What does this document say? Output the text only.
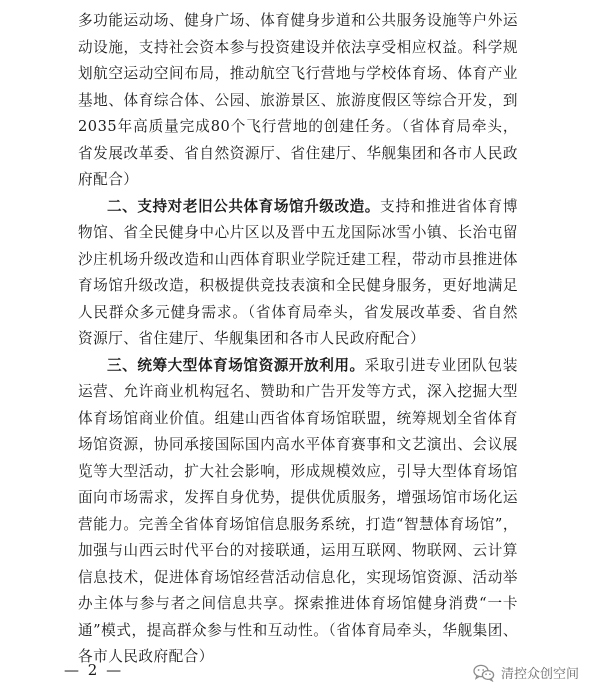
多功能运动场、健身广场、体育健身步道和公共服务设施等户外运动设施，支持社会资本参与投资建设并依法享受相应权益。科学规划航空运动空间布局，推动航空飞行营地与学校体育场、体育产业基地、体育综合体、公园、旅游景区、旅游度假区等综合开发，到2035年高质量完成80个飞行营地的创建任务。（省体育局牵头，省发展改革委、省自然资源厅、省住建厅、华舰集团和各市人民政府配合）

二、支持对老旧公共体育场馆升级改造。支持和推进省体育博物馆、省全民健身中心片区以及晋中五龙国际冰雪小镇、长治屯留沙庄机场升级改造和山西体育职业学院迁建工程，带动市县推进体育场馆升级改造，积极提供竞技表演和全民健身服务，更好地满足人民群众多元健身需求。（省体育局牵头，省发展改革委、省自然资源厅、省住建厅、华舰集团和各市人民政府配合）

三、统筹大型体育场馆资源开放利用。采取引进专业团队包装运营、允许商业机构冠名、赞助和广告开发等方式，深入挖掘大型体育场馆商业价值。组建山西省体育场馆联盟，统筹规划全省体育场馆资源，协同承接国际国内高水平体育赛事和文艺演出、会议展览等大型活动，扩大社会影响，形成规模效应，引导大型体育场馆面向市场需求，发挥自身优势，提供优质服务，增强场馆市场化运营能力。完善全省体育场馆信息服务系统，打造“智慧体育场馆”，加强与山西云时代平台的对接联通，运用互联网、物联网、云计算信息技术，促进体育场馆经营活动信息化，实现场馆资源、活动举办主体与参与者之间信息共享。探索推进体育场馆健身消费“一卡通”模式，提高群众参与性和互动性。（省体育局牵头，华舰集团、各市人民政府配合）

— 2 —	清控众创空间
